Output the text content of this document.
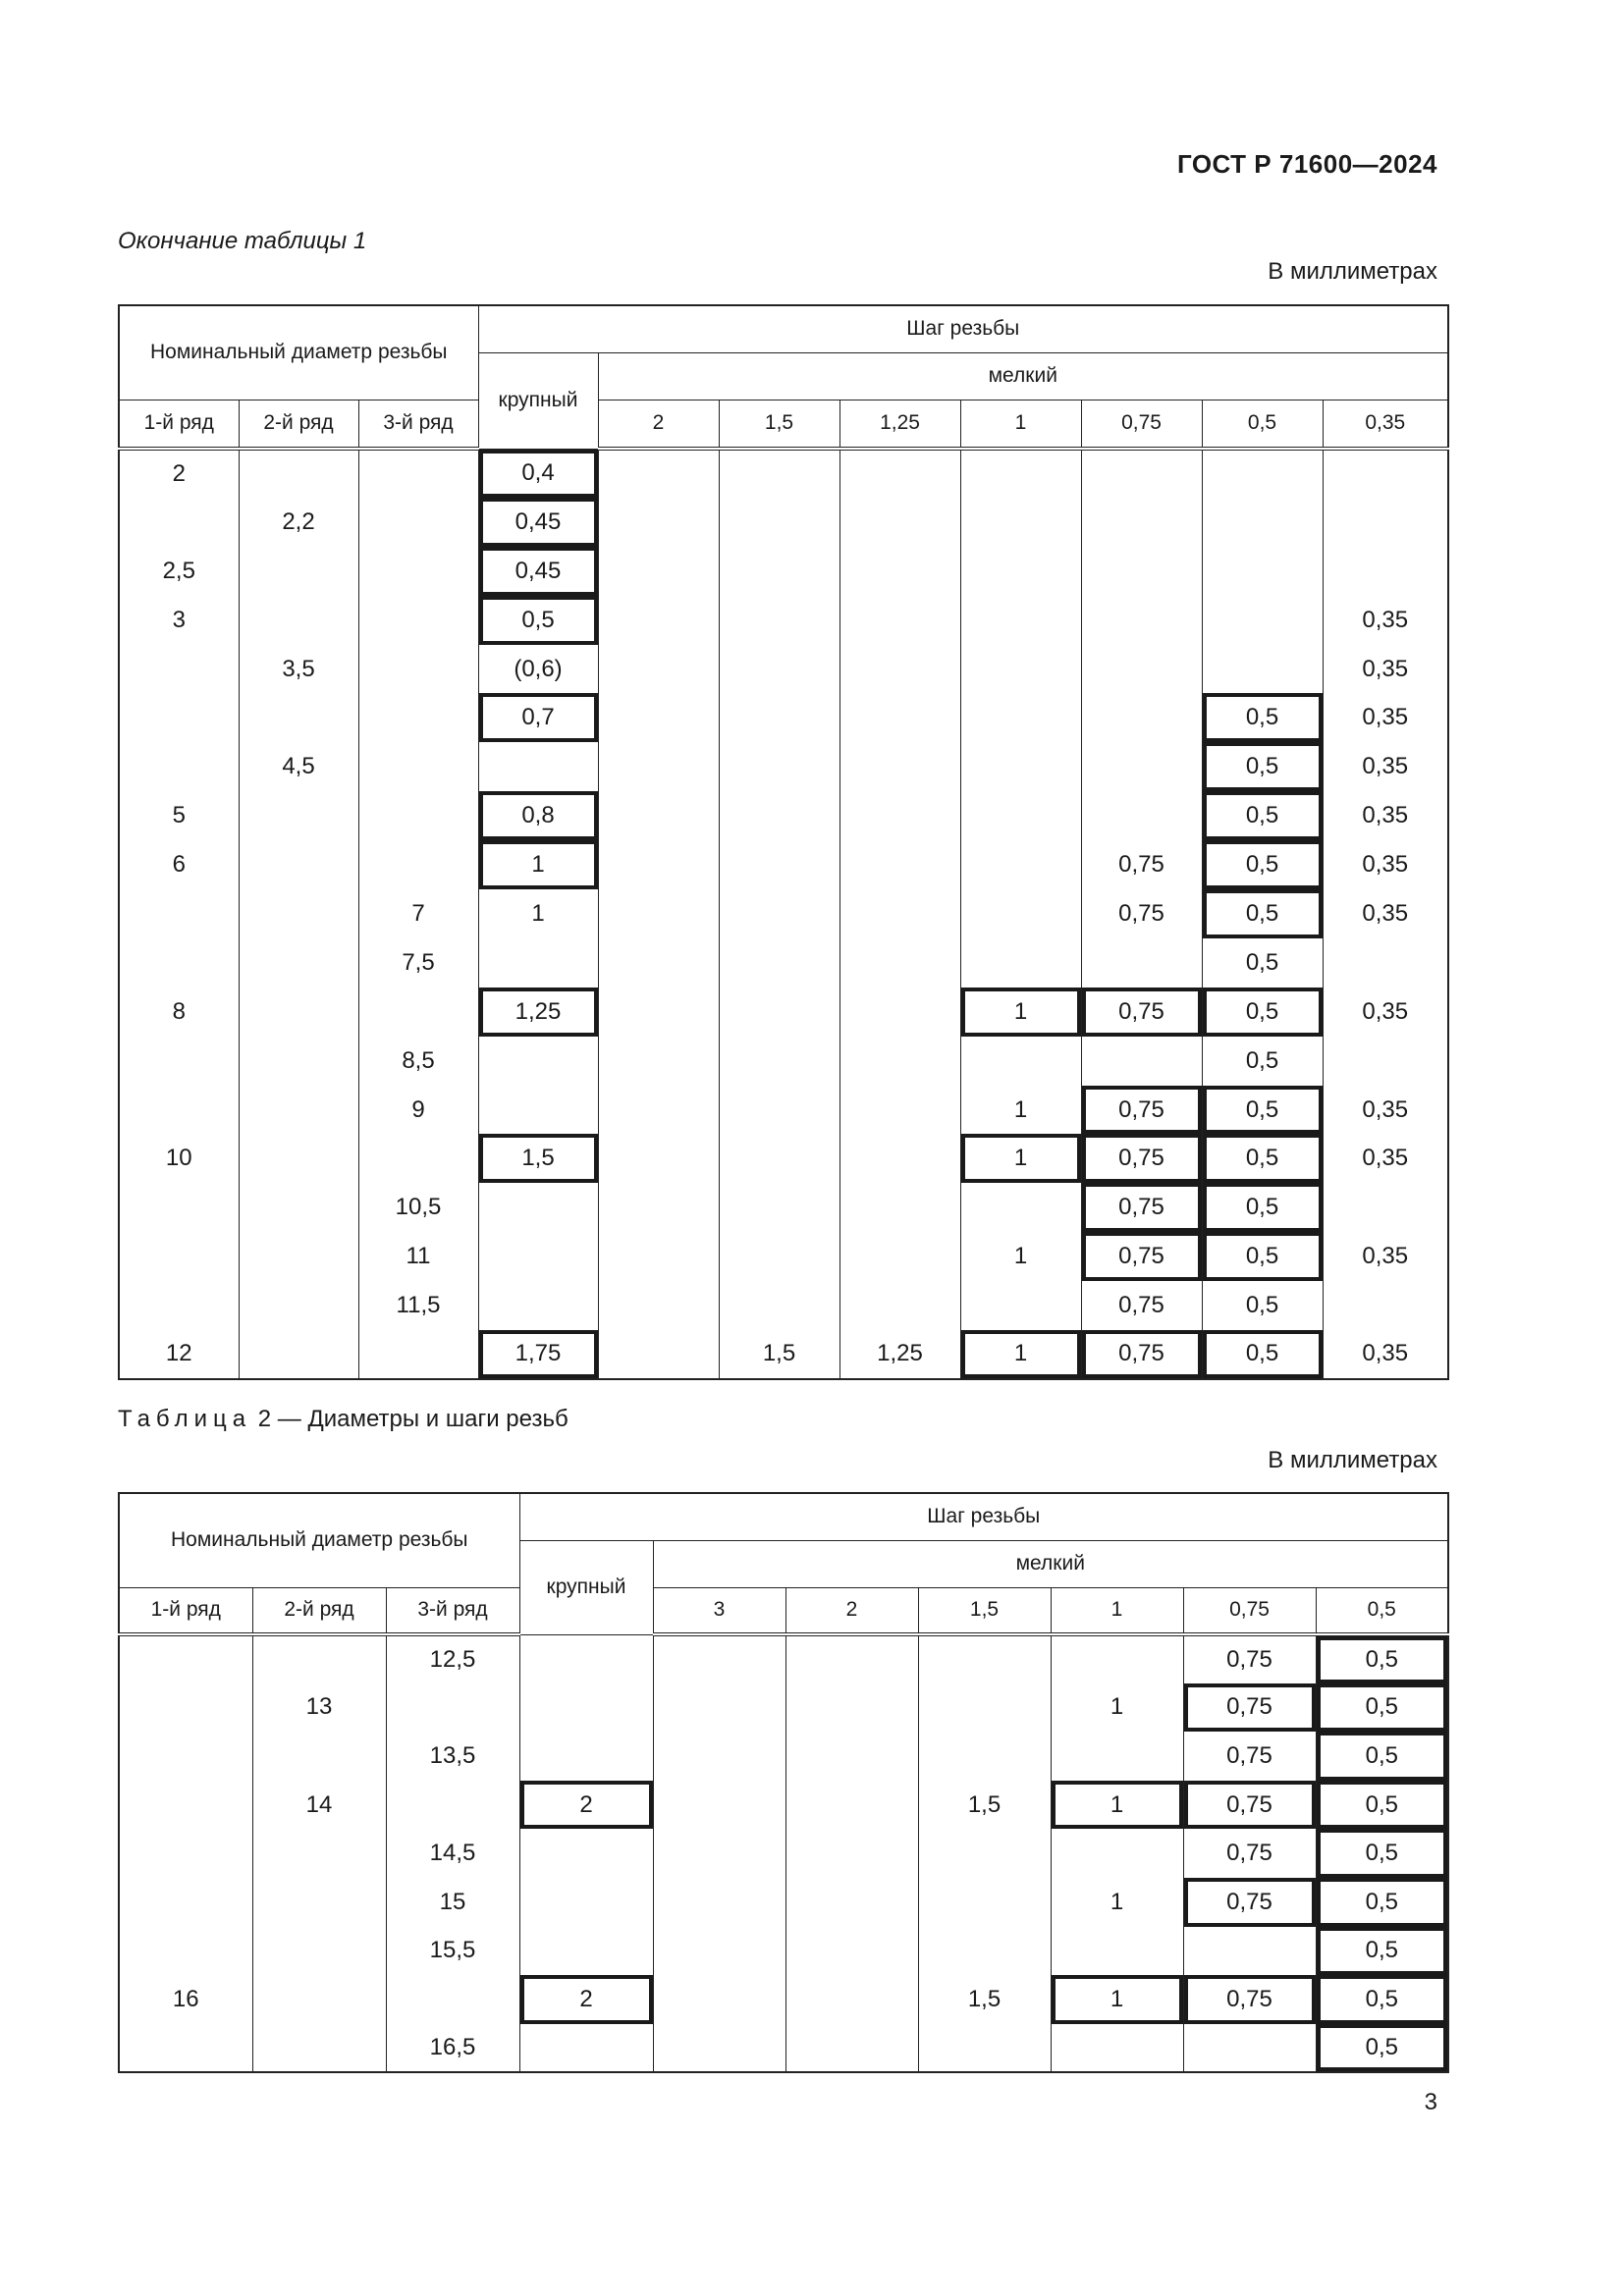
ГОСТ Р 71600—2024
Окончание таблицы 1
В миллиметрах
Номинальный диаметр резьбы			Шаг резьбы							
			крупный	мелкий						
1-й ряд	2-й ряд	3-й ряд		2	1,5	1,25	1	0,75	0,5	0,35
2			0,4							
	2,2		0,45							
2,5			0,45							
3			0,5							0,35
	3,5		(0,6)							0,35
			0,7						0,5	0,35
	4,5								0,5	0,35
5			0,8						0,5	0,35
6			1					0,75	0,5	0,35
		7	1					0,75	0,5	0,35
		7,5							0,5	
8			1,25				1	0,75	0,5	0,35
		8,5							0,5	
		9					1	0,75	0,5	0,35
10			1,5				1	0,75	0,5	0,35
		10,5						0,75	0,5	
		11					1	0,75	0,5	0,35
		11,5						0,75	0,5	
12			1,75		1,5	1,25	1	0,75	0,5	0,35
Таблица 2 — Диаметры и шаги резьб
В миллиметрах
Номинальный диаметр резьбы			Шаг резьбы						
			крупный	мелкий					
1-й ряд	2-й ряд	3-й ряд		3	2	1,5	1	0,75	0,5
		12,5						0,75	0,5
	13						1	0,75	0,5
		13,5						0,75	0,5
	14		2			1,5	1	0,75	0,5
		14,5						0,75	0,5
		15					1	0,75	0,5
		15,5							0,5
16			2			1,5	1	0,75	0,5
		16,5							0,5
3
